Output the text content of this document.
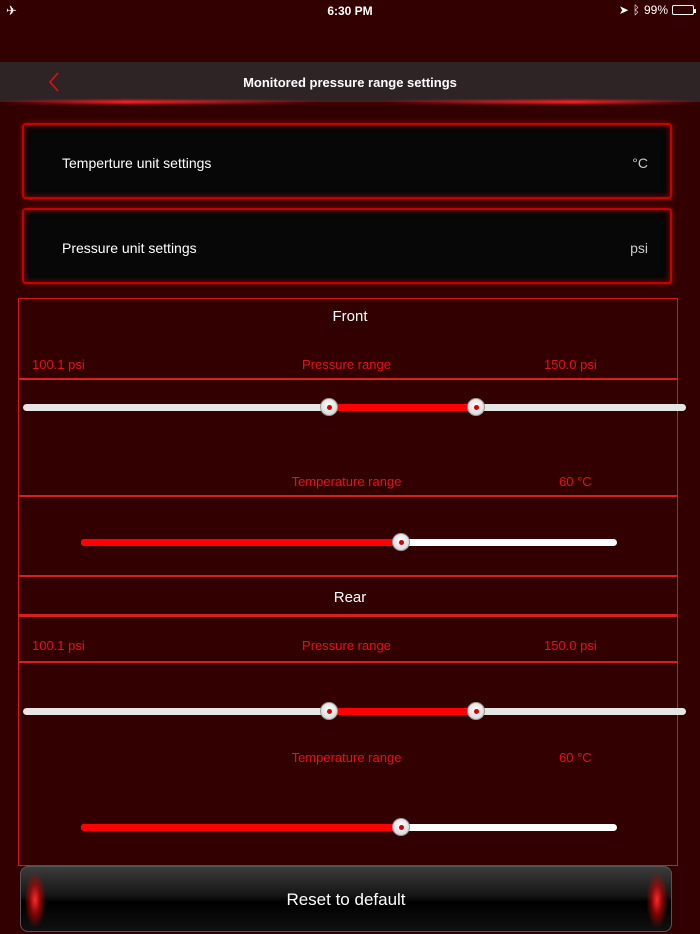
✈	6:30 PM	➤ ᛒ 99%
Monitored pressure range settings
Temperture unit settings	°C
Pressure unit settings	psi
Front
100.1 psi	Pressure range	150.0 psi
Temperature range	60 °C
Rear
100.1 psi	Pressure range	150.0 psi
Temperature range	60 °C
Reset to default
